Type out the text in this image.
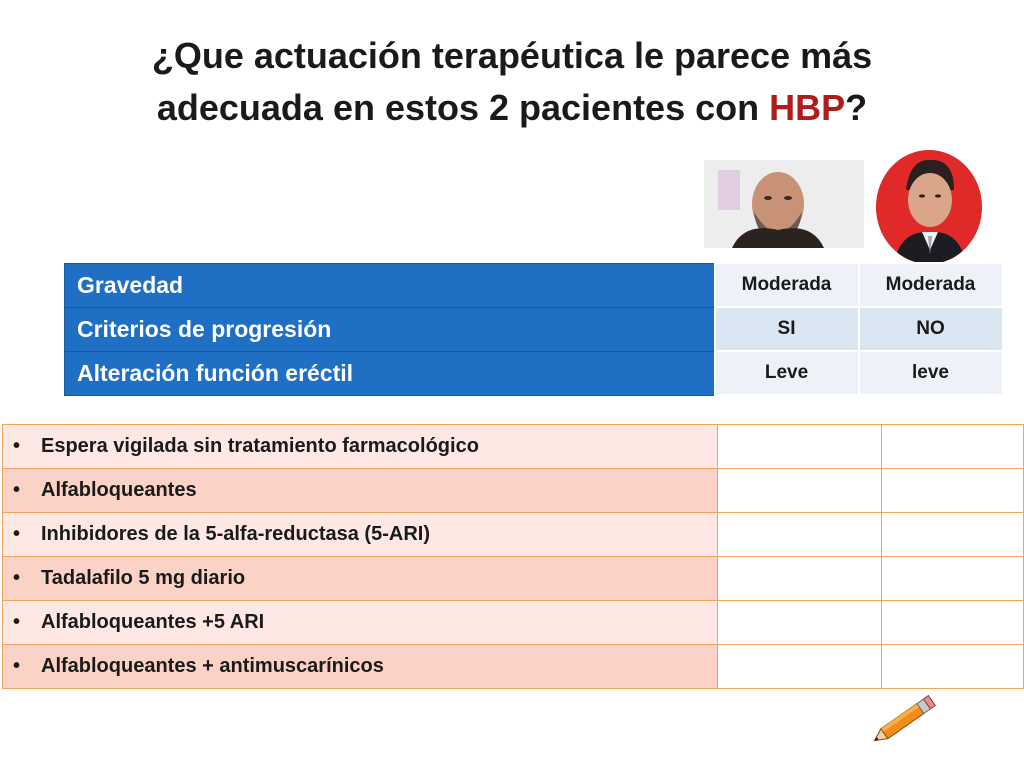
¿Que actuación terapéutica le parece más
adecuada en estos 2 pacientes con HBP?
Gravedad	Moderada	Moderada
Criterios de progresión	SI	NO
Alteración función eréctil	Leve	leve
• Espera vigilada sin tratamiento farmacológico		
• Alfabloqueantes		
• Inhibidores de la 5-alfa-reductasa (5-ARI)		
• Tadalafilo 5 mg diario		
• Alfabloqueantes +5 ARI		
• Alfabloqueantes + antimuscarínicos		
